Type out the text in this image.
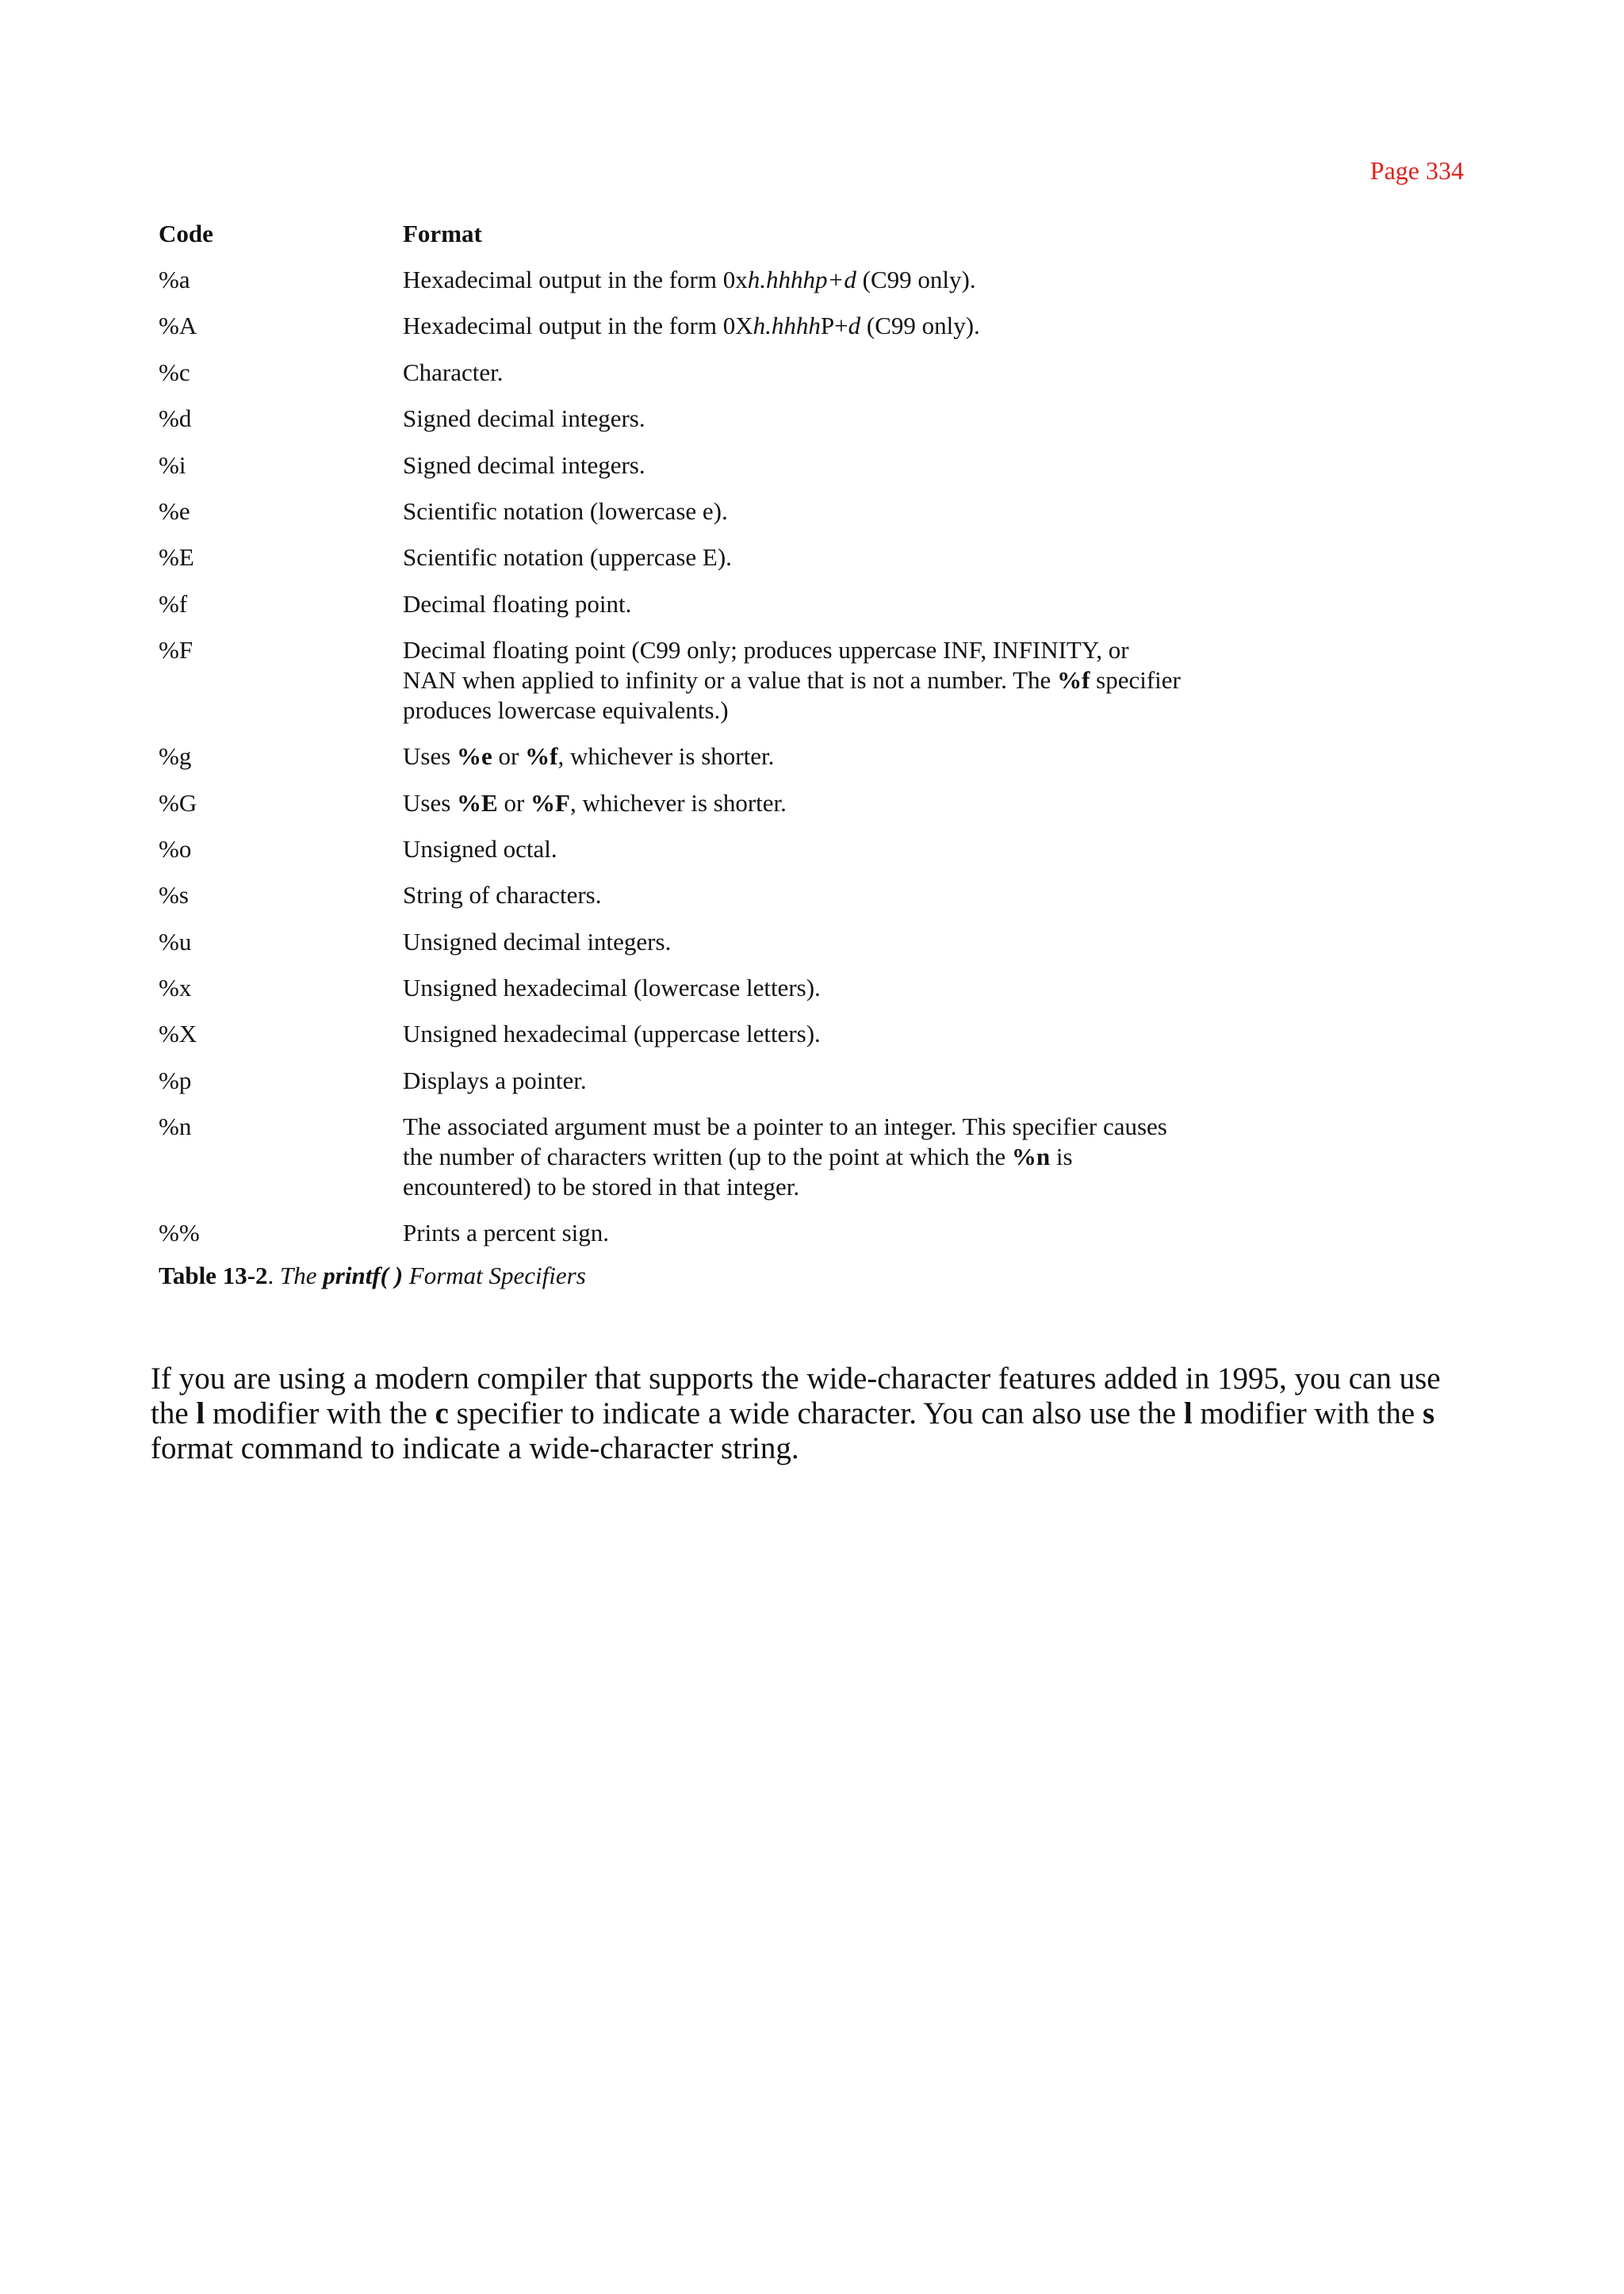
Page 334
Code	Format
%a	Hexadecimal output in the form 0xh.hhhhp+d (C99 only).
%A	Hexadecimal output in the form 0Xh.hhhhP+d (C99 only).
%c	Character.
%d	Signed decimal integers.
%i	Signed decimal integers.
%e	Scientific notation (lowercase e).
%E	Scientific notation (uppercase E).
%f	Decimal floating point.
%F	Decimal floating point (C99 only; produces uppercase INF, INFINITY, or
NAN when applied to infinity or a value that is not a number. The %f specifier
produces lowercase equivalents.)
%g	Uses %e or %f, whichever is shorter.
%G	Uses %E or %F, whichever is shorter.
%o	Unsigned octal.
%s	String of characters.
%u	Unsigned decimal integers.
%x	Unsigned hexadecimal (lowercase letters).
%X	Unsigned hexadecimal (uppercase letters).
%p	Displays a pointer.
%n	The associated argument must be a pointer to an integer. This specifier causes
the number of characters written (up to the point at which the %n is
encountered) to be stored in that integer.
%%	Prints a percent sign.
Table 13-2. The printf( ) Format Specifiers
If you are using a modern compiler that supports the wide-character features added in 1995, you can use the l modifier with the c specifier to indicate a wide character. You can also use the l modifier with the s format command to indicate a wide-character string.
